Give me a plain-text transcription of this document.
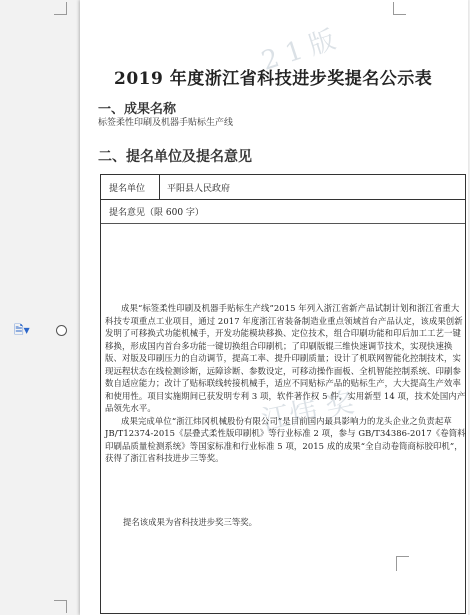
🗎▾
2019 年度浙江省科技进步奖提名公示表
一、成果名称
标签柔性印刷及机器手贴标生产线
二、提名单位及提名意见
2 1 版
提名单位 平阳县人民政府
提名意见（限 600 字）
江炜 奖

成果“标签柔性印刷及机器手贴标生产线”2015 年列入浙江省新产品试制计划和浙江省重大科技专项重点工业项目，通过 2017 年度浙江省装备制造业重点领域首台产品认定，该成果创新发明了可移换式功能机械手，开发功能模块移换、定位技术，组合印刷功能和印后加工工艺一键移换，形成国内首台多功能一键切换组合印刷机；了印刷版辊三维快速调节技术，实现快速换版、对版及印刷压力的自动调节，提高工率、提升印刷质量；设计了机联网智能化控制技术，实现远程状态在线检测诊断，远障诊断、参数设定，可移动操作面板、全机智能控制系统、印刷参数自适应能力；改计了贴标联线转接机械手，适应不同贴标产品的贴标生产，大大提高生产效率和使用性。项目实施期间已获发明专利 3 项，软件著作权 5 件，实用新型 14 项，技术处国内产品领先水平。

成果完成单位“浙江炜冈机械股份有限公司”是目前国内最具影响力的龙头企业之负责起草 JB/T12374-2015《层叠式柔性版印刷机》等行业标准 2 项，参与 GB/T34386-2017《卷筒料印刷品质量检测系统》等国家标准和行业标准 5 项，2015 成的成果“全自动卷筒商标胶印机”，获得了浙江省科技进步三等奖。

提名该成果为省科技进步奖三等奖。
